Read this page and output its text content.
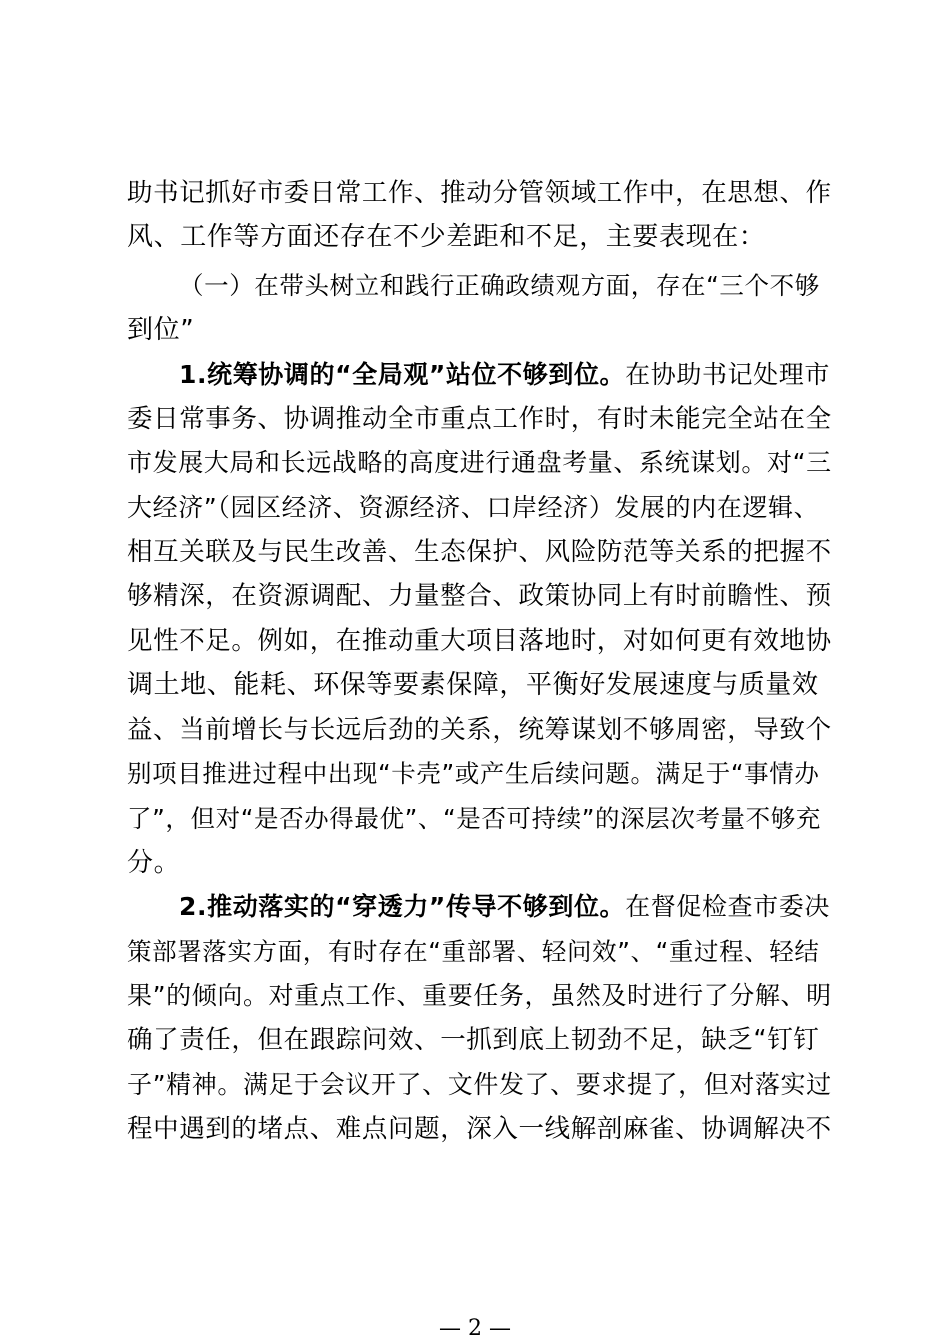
助书记抓好市委日常工作、推动分管领域工作中，在思想、作
风、工作等方面还存在不少差距和不足，主要表现在：
（一）在带头树立和践行正确政绩观方面，存在“三个不够
到位”
1.统筹协调的“全局观”站位不够到位。在协助书记处理市
委日常事务、协调推动全市重点工作时，有时未能完全站在全
市发展大局和长远战略的高度进行通盘考量、系统谋划。对“三
大经济”（园区经济、资源经济、口岸经济）发展的内在逻辑、
相互关联及与民生改善、生态保护、风险防范等关系的把握不
够精深，在资源调配、力量整合、政策协同上有时前瞻性、预
见性不足。例如，在推动重大项目落地时，对如何更有效地协
调土地、能耗、环保等要素保障，平衡好发展速度与质量效
益、当前增长与长远后劲的关系，统筹谋划不够周密，导致个
别项目推进过程中出现“卡壳”或产生后续问题。满足于“事情办
了”，但对“是否办得最优”、“是否可持续”的深层次考量不够充
分。
2.推动落实的“穿透力”传导不够到位。在督促检查市委决
策部署落实方面，有时存在“重部署、轻问效”、“重过程、轻结
果”的倾向。对重点工作、重要任务，虽然及时进行了分解、明
确了责任，但在跟踪问效、一抓到底上韧劲不足，缺乏“钉钉
子”精神。满足于会议开了、文件发了、要求提了，但对落实过
程中遇到的堵点、难点问题，深入一线解剖麻雀、协调解决不
— 2 —
